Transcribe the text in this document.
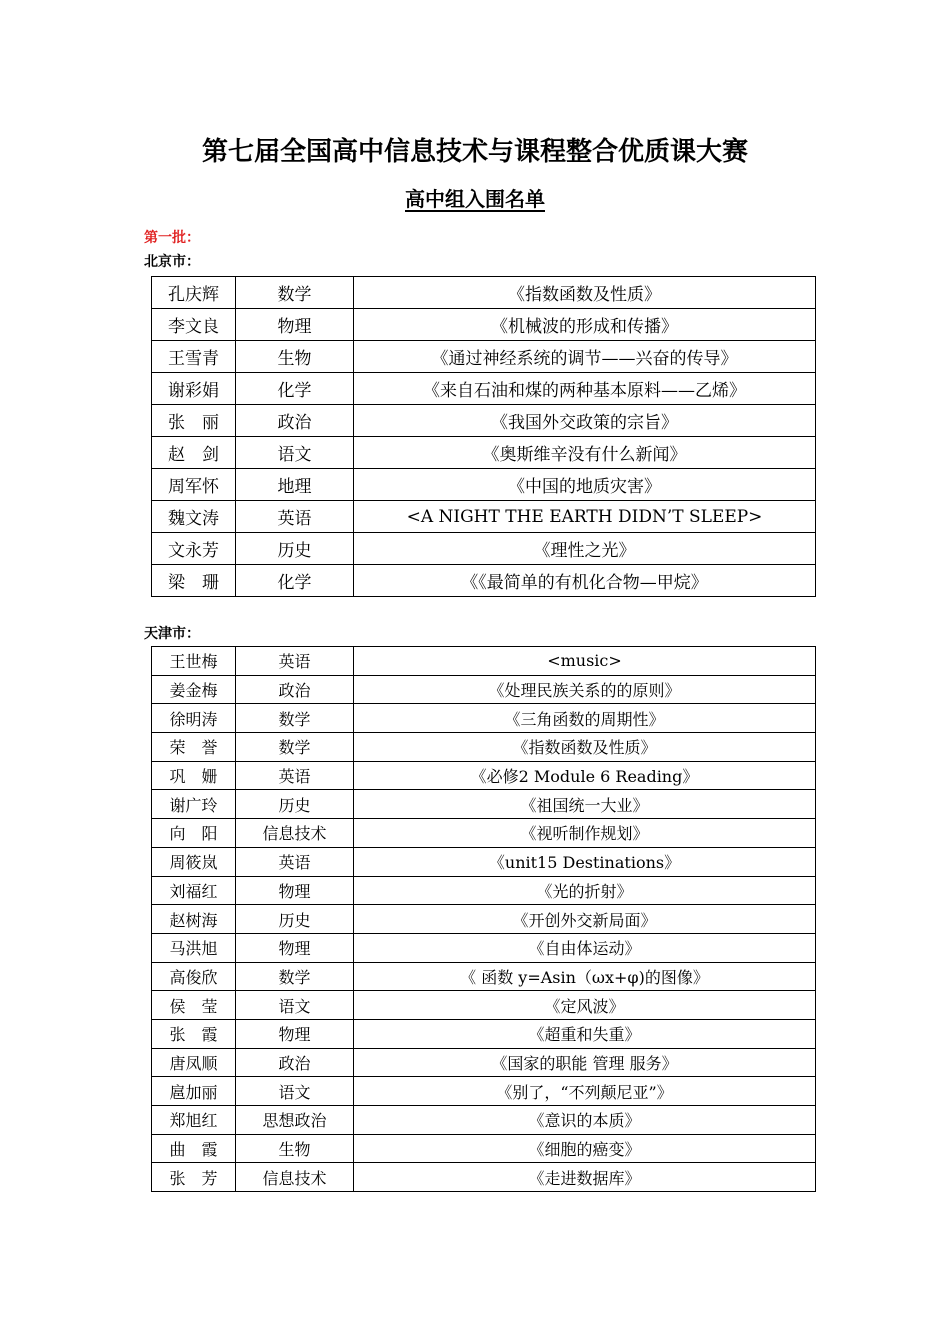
第七届全国高中信息技术与课程整合优质课大赛
高中组入围名单
第一批：
北京市：
孔庆辉	数学	《指数函数及性质》
李文良	物理	《机械波的形成和传播》
王雪青	生物	《通过神经系统的调节——兴奋的传导》
谢彩娟	化学	《来自石油和煤的两种基本原料——乙烯》
张　丽	政治	《我国外交政策的宗旨》
赵　剑	语文	《奥斯维辛没有什么新闻》
周军怀	地理	《中国的地质灾害》
魏文涛	英语	<A NIGHT THE EARTH DIDN’T SLEEP>
文永芳	历史	《理性之光》
梁　珊	化学	《《最简单的有机化合物—甲烷》
天津市：
王世梅	英语	<music>
姜金梅	政治	《处理民族关系的的原则》
徐明涛	数学	《三角函数的周期性》
荣　誉	数学	《指数函数及性质》
巩　姗	英语	《必修2 Module 6 Reading》
谢广玲	历史	《祖国统一大业》
向　阳	信息技术	《视听制作规划》
周筱岚	英语	《unit15 Destinations》
刘福红	物理	《光的折射》
赵树海	历史	《开创外交新局面》
马洪旭	物理	《自由体运动》
高俊欣	数学	《 函数 y=Asin（ωx+φ)的图像》
侯　莹	语文	《定风波》
张　霞	物理	《超重和失重》
唐凤顺	政治	《国家的职能 管理 服务》
扈加丽	语文	《别了，“不列颠尼亚”》
郑旭红	思想政治	《意识的本质》
曲　霞	生物	《细胞的癌变》
张　芳	信息技术	《走进数据库》
